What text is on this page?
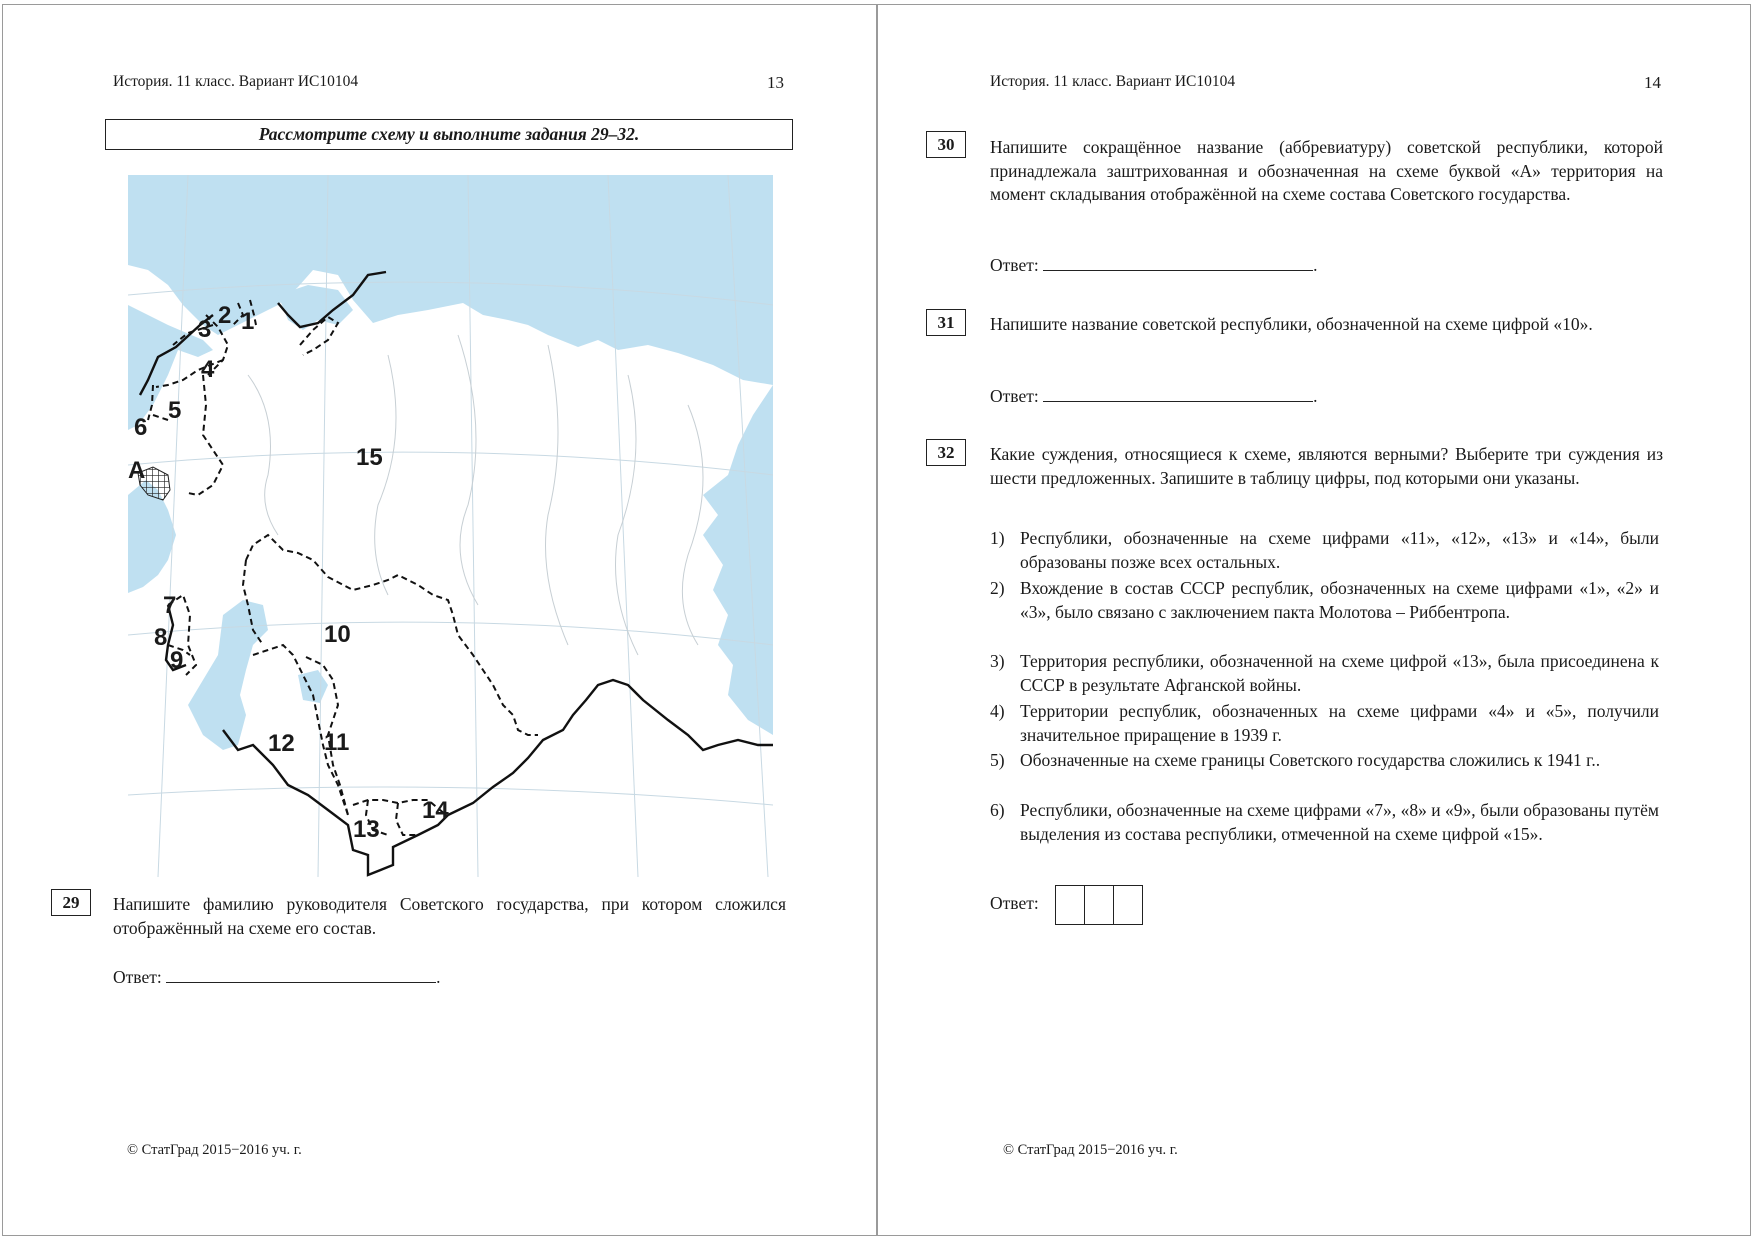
История. 11 класс. Вариант ИС10104	13
Рассмотрите схему и выполните задания 29–32.
1
2
3
4
5
6
A	15
7
8
9
10
11
12
13
14
29	Напишите фамилию руководителя Советского государства, при котором сложился отображённый на схеме его состав.
Ответ:	.
© СтатГрад 2015−2016 уч. г.
История. 11 класс. Вариант ИС10104	14
30	Напишите сокращённое название (аббревиатуру) советской республики, которой принадлежала заштрихованная и обозначенная на схеме буквой «А» территория на момент складывания отображённой на схеме состава Советского государства.
Ответ:	.
31	Напишите название советской республики, обозначенной на схеме цифрой «10».
Ответ:	.
32	Какие суждения, относящиеся к схеме, являются верными? Выберите три суждения из шести предложенных. Запишите в таблицу цифры, под которыми они указаны.
1) Республики, обозначенные на схеме цифрами «11», «12», «13» и «14», были образованы позже всех остальных.
2) Вхождение в состав СССР республик, обозначенных на схеме цифрами «1», «2» и «3», было связано с заключением пакта Молотова – Риббентропа.
3) Территория республики, обозначенной на схеме цифрой «13», была присоединена к СССР в результате Афганской войны.
4) Территории республик, обозначенных на схеме цифрами «4» и «5», получили значительное приращение в 1939 г.
5) Обозначенные на схеме границы Советского государства сложились к 1941 г..
6) Республики, обозначенные на схеме цифрами «7», «8» и «9», были образованы путём выделения из состава республики, отмеченной на схеме цифрой «15».
Ответ:
© СтатГрад 2015−2016 уч. г.
